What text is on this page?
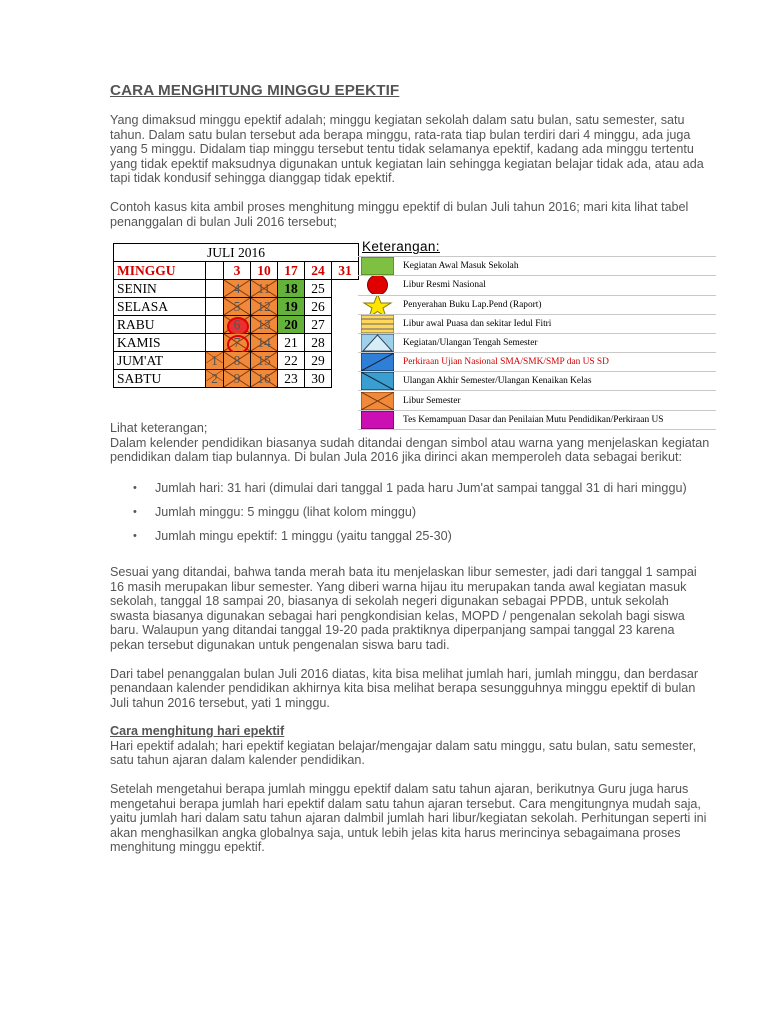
CARA MENGHITUNG MINGGU EPEKTIF

Yang dimaksud minggu epektif adalah; minggu kegiatan sekolah dalam satu bulan, satu semester, satu tahun. Dalam satu bulan tersebut ada berapa minggu, rata-rata tiap bulan terdiri dari 4 minggu, ada juga yang 5 minggu. Didalam tiap minggu tersebut tentu tidak selamanya epektif, kadang ada minggu tertentu yang tidak epektif maksudnya digunakan untuk kegiatan lain sehingga kegiatan belajar tidak ada, atau ada tapi tidak kondusif sehingga dianggap tidak epektif.

Contoh kasus kita ambil proses menghitung minggu epektif di bulan Juli tahun 2016; mari kita lihat tabel penanggalan di bulan Juli 2016 tersebut;

JULI 2016						
MINGGU		3	10	17	24	31
SENIN		4	11	18	25	
SELASA		5	12	19	26	
RABU		6	13	20	27	
KAMIS		7	14	21	28	
JUM'AT	1	8	15	22	29	
SABTU	2	9	16	23	30	
Keterangan:
Kegiatan Awal Masuk Sekolah
Libur Resmi Nasional
Penyerahan Buku Lap.Pend (Raport)
Libur awal Puasa dan sekitar Iedul Fitri
Kegiatan/Ulangan Tengah Semester
Perkiraan Ujian Nasional SMA/SMK/SMP dan US SD
Ulangan Akhir Semester/Ulangan Kenaikan Kelas
Libur Semester
Tes Kemampuan Dasar dan Penilaian Mutu Pendidikan/Perkiraan US

Lihat keterangan;

Dalam kelender pendidikan biasanya sudah ditandai dengan simbol atau warna yang menjelaskan kegiatan pendidikan dalam tiap bulannya. Di bulan Jula 2016 jika dirinci akan memperoleh data sebagai berikut:

• Jumlah hari: 31 hari (dimulai dari tanggal 1 pada haru Jum'at sampai tanggal 31 di hari minggu)
• Jumlah minggu: 5 minggu (lihat kolom minggu)
• Jumlah mingu epektif: 1 minggu (yaitu tanggal 25-30)

Sesuai yang ditandai, bahwa tanda merah bata itu menjelaskan libur semester, jadi dari tanggal 1 sampai 16 masih merupakan libur semester. Yang diberi warna hijau itu merupakan tanda awal kegiatan masuk sekolah, tanggal 18 sampai 20, biasanya di sekolah negeri digunakan sebagai PPDB, untuk sekolah swasta biasanya digunakan sebagai hari pengkondisian kelas, MOPD / pengenalan sekolah bagi siswa baru. Walaupun yang ditandai tanggal 19-20 pada praktiknya diperpanjang sampai tanggal 23 karena pekan tersebut digunakan untuk pengenalan siswa baru tadi.

Dari tabel penanggalan bulan Juli 2016 diatas, kita bisa melihat jumlah hari, jumlah minggu, dan berdasar penandaan kalender pendidikan akhirnya kita bisa melihat berapa sesungguhnya minggu epektif di bulan Juli tahun 2016 tersebut, yati 1 minggu.

Cara menghitung hari epektif

Hari epektif adalah; hari epektif kegiatan belajar/mengajar dalam satu minggu, satu bulan, satu semester, satu tahun ajaran dalam kalender pendidikan.

Setelah mengetahui berapa jumlah minggu epektif dalam satu tahun ajaran, berikutnya Guru juga harus mengetahui berapa jumlah hari epektif dalam satu tahun ajaran tersebut. Cara mengitungnya mudah saja, yaitu jumlah hari dalam satu tahun ajaran dalmbil jumlah hari libur/kegiatan sekolah. Perhitungan seperti ini akan menghasilkan angka globalnya saja, untuk lebih jelas kita harus merincinya sebagaimana proses menghitung minggu epektif.
